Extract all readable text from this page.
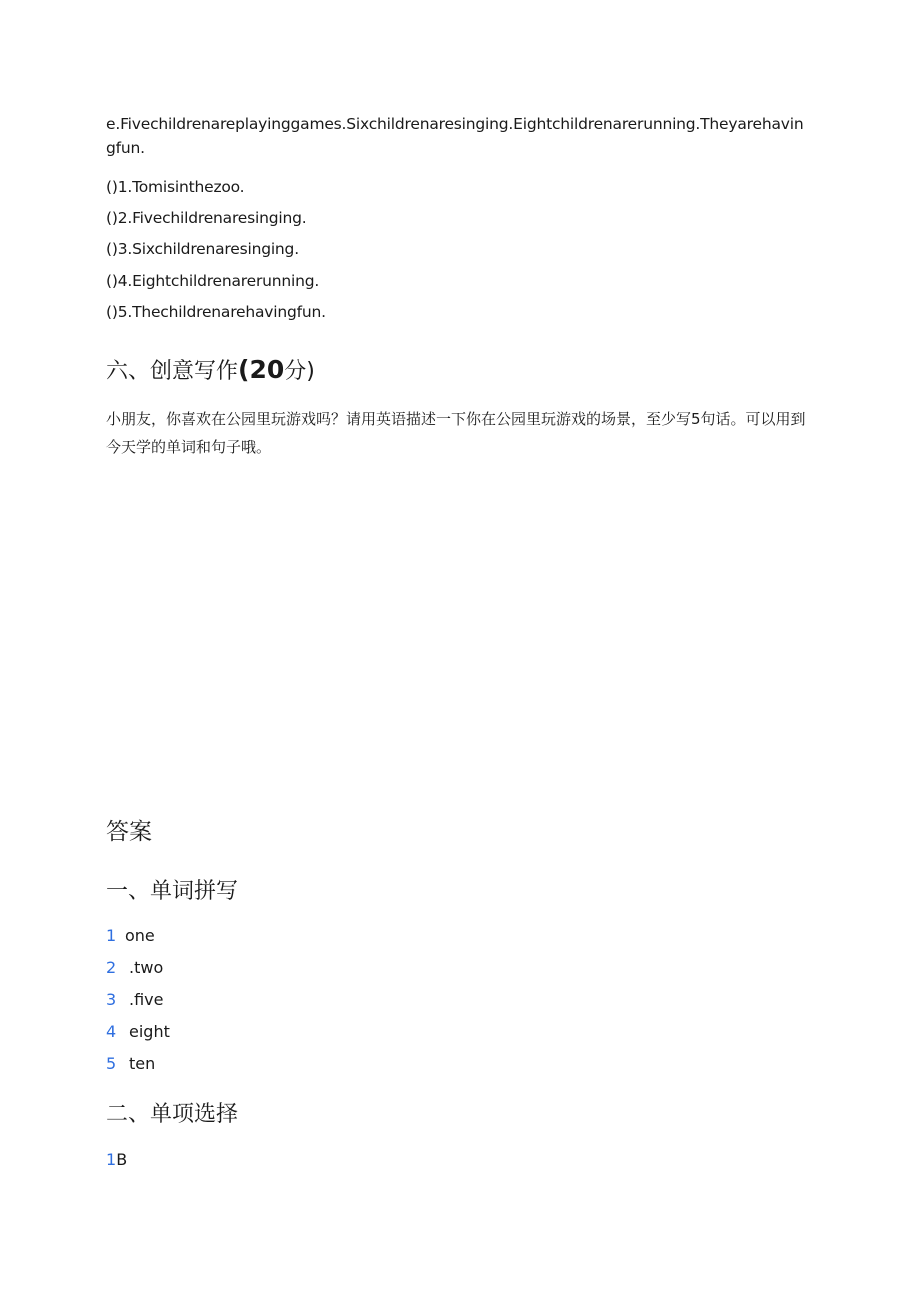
e.Fivechildrenareplayinggames.Sixchildrenaresinging.Eightchildrenarerunning.Theyarehavingfun.

()1.Tomisinthezoo.

()2.Fivechildrenaresinging.

()3.Sixchildrenaresinging.

()4.Eightchildrenarerunning.

()5.Thechildrenarehavingfun.

六、创意写作(20分)

小朋友，你喜欢在公园里玩游戏吗？请用英语描述一下你在公园里玩游戏的场景，至少写5句话。可以用到今天学的单词和句子哦。

答案
一、单词拼写
1 one
2 .two
3 .five
4 eight
5 ten
二、单项选择
1 B
